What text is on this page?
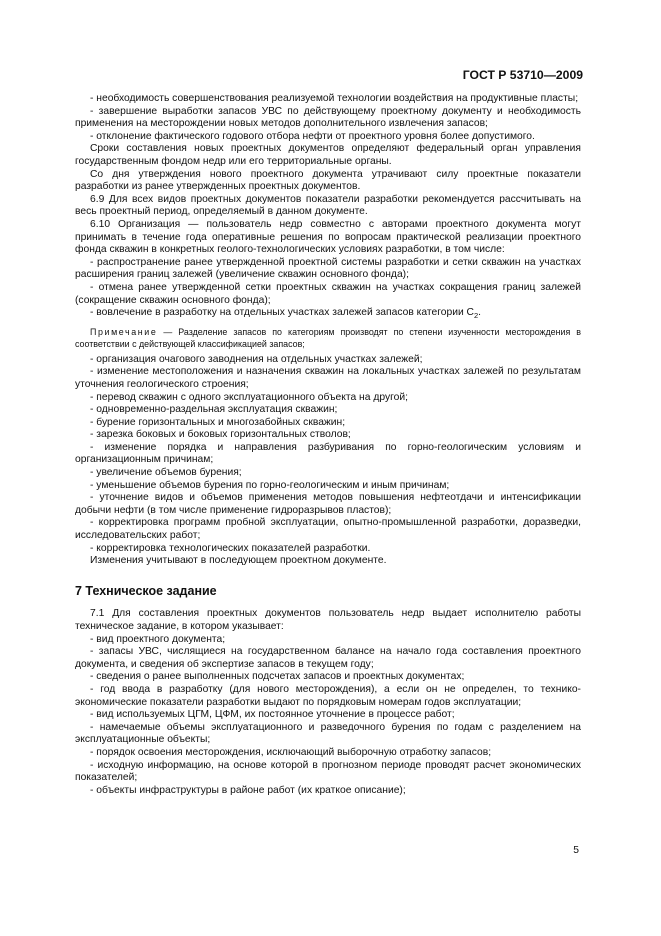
ГОСТ Р 53710—2009
- необходимость совершенствования реализуемой технологии воздействия на продуктивные пласты;
- завершение выработки запасов УВС по действующему проектному документу и необходимость применения на месторождении новых методов дополнительного извлечения запасов;
- отклонение фактического годового отбора нефти от проектного уровня более допустимого.
Сроки составления новых проектных документов определяют федеральный орган управления государственным фондом недр или его территориальные органы.
Со дня утверждения нового проектного документа утрачивают силу проектные показатели разработки из ранее утвержденных проектных документов.
6.9 Для всех видов проектных документов показатели разработки рекомендуется рассчитывать на весь проектный период, определяемый в данном документе.
6.10 Организация — пользователь недр совместно с авторами проектного документа могут принимать в течение года оперативные решения по вопросам практической реализации проектного фонда скважин в конкретных геолого-технологических условиях разработки, в том числе:
- распространение ранее утвержденной проектной системы разработки и сетки скважин на участках расширения границ залежей (увеличение скважин основного фонда);
- отмена ранее утвержденной сетки проектных скважин на участках сокращения границ залежей (сокращение скважин основного фонда);
- вовлечение в разработку на отдельных участках залежей запасов категории $C_2$.
Примечание — Разделение запасов по категориям производят по степени изученности месторождения в соответствии с действующей классификацией запасов;
- организация очагового заводнения на отдельных участках залежей;
- изменение местоположения и назначения скважин на локальных участках залежей по результатам уточнения геологического строения;
- перевод скважин с одного эксплуатационного объекта на другой;
- одновременно-раздельная эксплуатация скважин;
- бурение горизонтальных и многозабойных скважин;
- зарезка боковых и боковых горизонтальных стволов;
- изменение порядка и направления разбуривания по горно-геологическим условиям и организационным причинам;
- увеличение объемов бурения;
- уменьшение объемов бурения по горно-геологическим и иным причинам;
- уточнение видов и объемов применения методов повышения нефтеотдачи и интенсификации добычи нефти (в том числе применение гидроразрывов пластов);
- корректировка программ пробной эксплуатации, опытно-промышленной разработки, доразведки, исследовательских работ;
- корректировка технологических показателей разработки.
Изменения учитывают в последующем проектном документе.
7 Техническое задание
7.1 Для составления проектных документов пользователь недр выдает исполнителю работы техническое задание, в котором указывает:
- вид проектного документа;
- запасы УВС, числящиеся на государственном балансе на начало года составления проектного документа, и сведения об экспертизе запасов в текущем году;
- сведения о ранее выполненных подсчетах запасов и проектных документах;
- год ввода в разработку (для нового месторождения), а если он не определен, то технико-экономические показатели разработки выдают по порядковым номерам годов эксплуатации;
- вид используемых ЦГМ, ЦФМ, их постоянное уточнение в процессе работ;
- намечаемые объемы эксплуатационного и разведочного бурения по годам с разделением на эксплуатационные объекты;
- порядок освоения месторождения, исключающий выборочную отработку запасов;
- исходную информацию, на основе которой в прогнозном периоде проводят расчет экономических показателей;
- объекты инфраструктуры в районе работ (их краткое описание);
5
